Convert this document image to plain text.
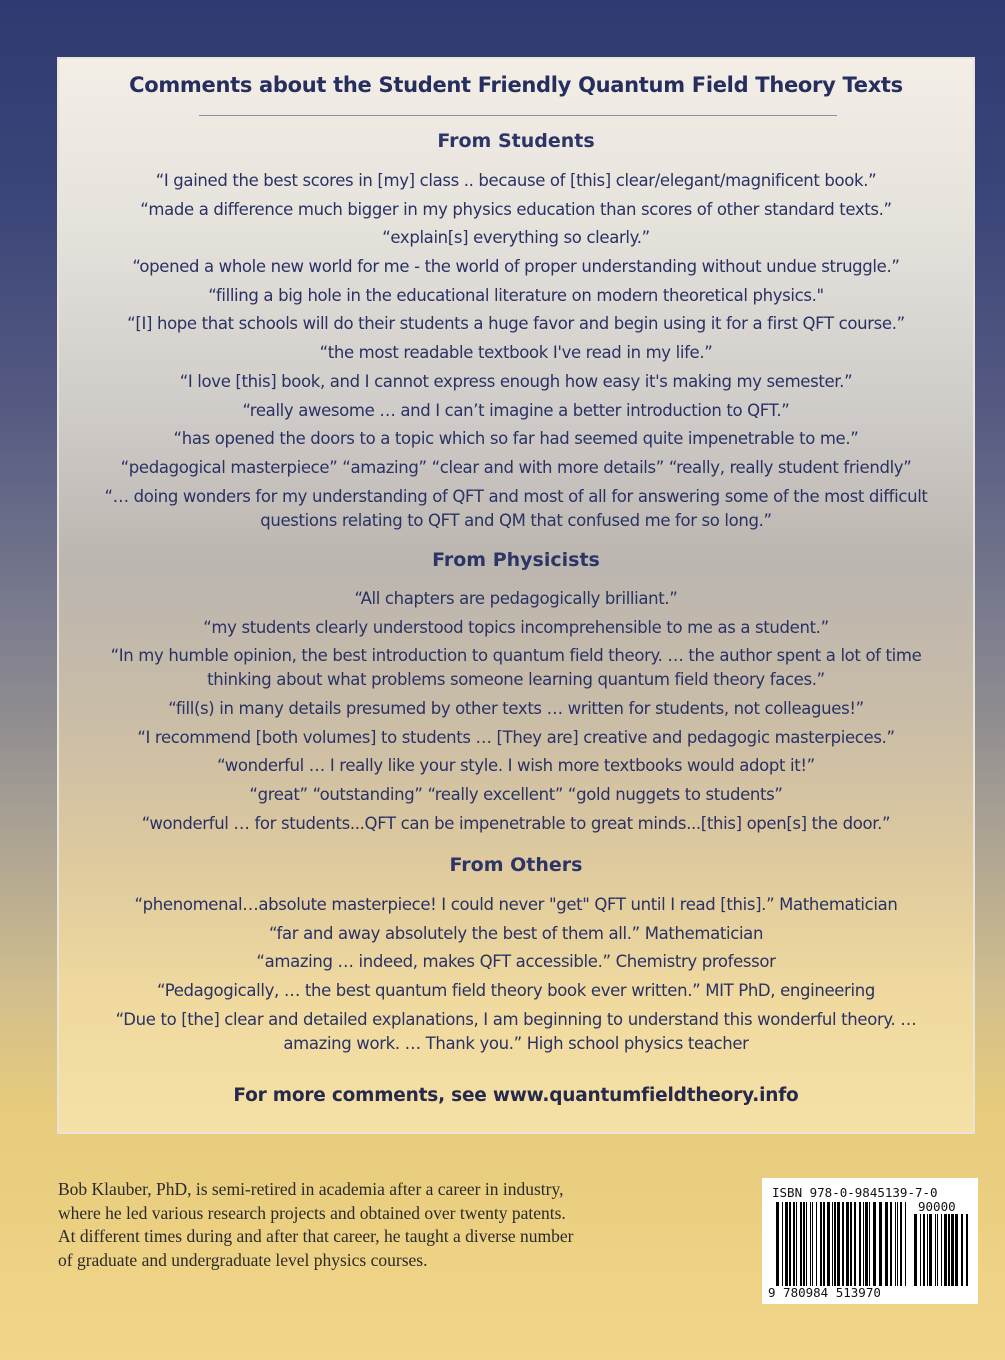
Comments about the Student Friendly Quantum Field Theory Texts
From Students
“I gained the best scores in [my] class .. because of [this] clear/elegant/magnificent book.”
“made a difference much bigger in my physics education than scores of other standard texts.”
“explain[s] everything so clearly.”
“opened a whole new world for me - the world of proper understanding without undue struggle.”
“filling a big hole in the educational literature on modern theoretical physics."
“[I] hope that schools will do their students a huge favor and begin using it for a first QFT course.”
“the most readable textbook I've read in my life.”
“I love [this] book, and I cannot express enough how easy it's making my semester.”
“really awesome … and I can’t imagine a better introduction to QFT.”
“has opened the doors to a topic which so far had seemed quite impenetrable to me.”
“pedagogical masterpiece” “amazing” “clear and with more details” “really, really student friendly”
“… doing wonders for my understanding of QFT and most of all for answering some of the most difficult
questions relating to QFT and QM that confused me for so long.”
From Physicists
“All chapters are pedagogically brilliant.”
“my students clearly understood topics incomprehensible to me as a student.”
“In my humble opinion, the best introduction to quantum field theory. … the author spent a lot of time
thinking about what problems someone learning quantum field theory faces.”
“fill(s) in many details presumed by other texts … written for students, not colleagues!”
“I recommend [both volumes] to students … [They are] creative and pedagogic masterpieces.”
“wonderful … I really like your style. I wish more textbooks would adopt it!”
“great” “outstanding” “really excellent” “gold nuggets to students”
“wonderful … for students...QFT can be impenetrable to great minds...[this] open[s] the door.”
From Others
“phenomenal…absolute masterpiece! I could never "get" QFT until I read [this].” Mathematician
“far and away absolutely the best of them all.” Mathematician
“amazing … indeed, makes QFT accessible.” Chemistry professor
“Pedagogically, … the best quantum field theory book ever written.” MIT PhD, engineering
“Due to [the] clear and detailed explanations, I am beginning to understand this wonderful theory. …
amazing work. … Thank you.” High school physics teacher
For more comments, see www.quantumfieldtheory.info

Bob Klauber, PhD, is semi-retired in academia after a career in industry,
where he led various research projects and obtained over twenty patents.
At different times during and after that career, he taught a diverse number
of graduate and undergraduate level physics courses.

ISBN 978-0-9845139-7-0
90000
9 780984 513970
